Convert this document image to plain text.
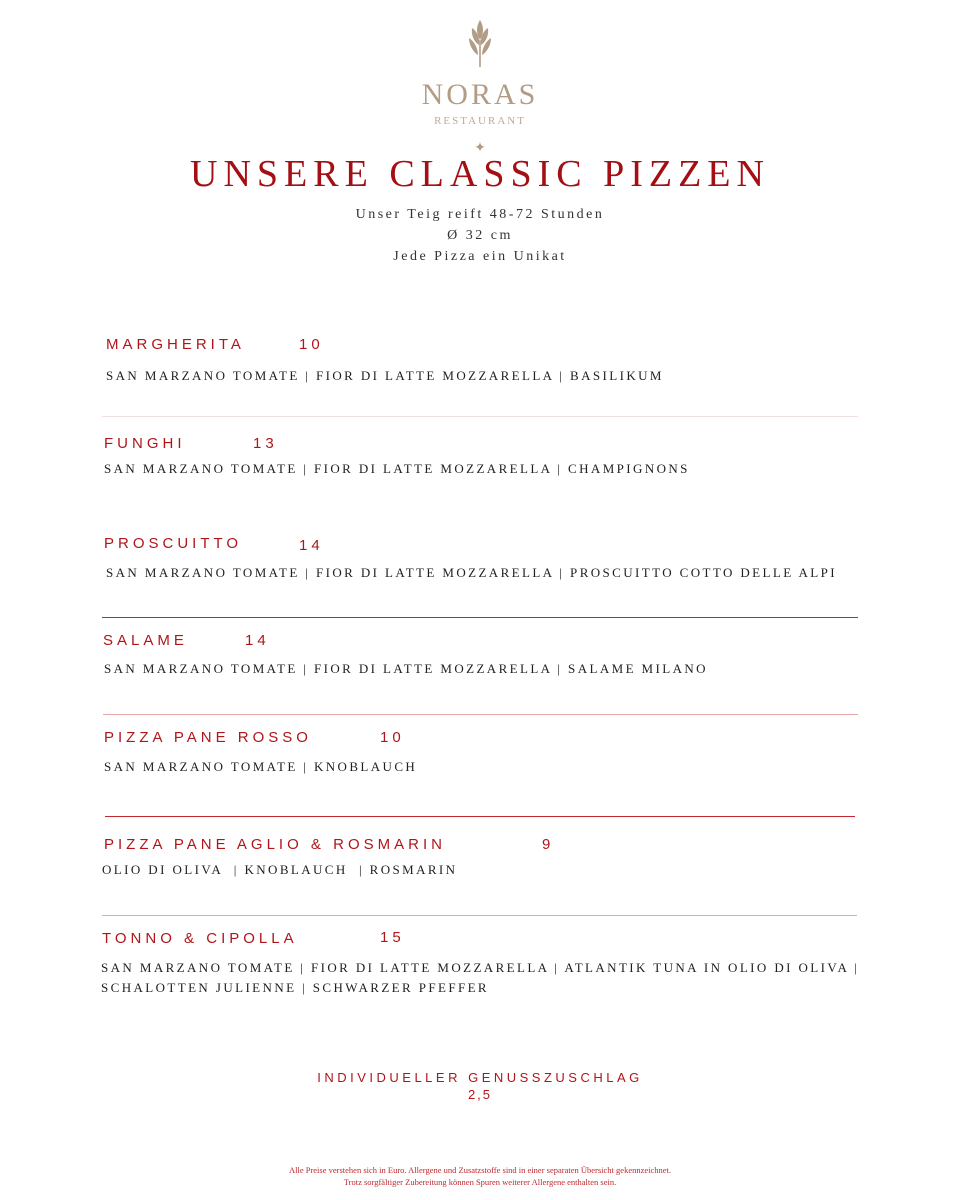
NORAS
RESTAURANT
✦
UNSERE CLASSIC PIZZEN
Unser Teig reift 48-72 Stunden
Ø 32 cm
Jede Pizza ein Unikat
MARGHERITA	10
SAN MARZANO TOMATE | FIOR DI LATTE MOZZARELLA | BASILIKUM
FUNGHI	13
SAN MARZANO TOMATE | FIOR DI LATTE MOZZARELLA | CHAMPIGNONS
PROSCUITTO	14
SAN MARZANO TOMATE | FIOR DI LATTE MOZZARELLA | PROSCUITTO COTTO DELLE ALPI
SALAME	14
SAN MARZANO TOMATE | FIOR DI LATTE MOZZARELLA | SALAME MILANO
PIZZA PANE ROSSO	10
SAN MARZANO TOMATE | KNOBLAUCH
PIZZA PANE AGLIO & ROSMARIN	9
OLIO DI OLIVA  | KNOBLAUCH  | ROSMARIN
TONNO & CIPOLLA	15
SAN MARZANO TOMATE | FIOR DI LATTE MOZZARELLA | ATLANTIK TUNA IN OLIO DI OLIVA | SCHALOTTEN JULIENNE | SCHWARZER PFEFFER
INDIVIDUELLER GENUSSZUSCHLAG
2,5
Alle Preise verstehen sich in Euro. Allergene und Zusatzstoffe sind in einer separaten Übersicht gekennzeichnet.
Trotz sorgfältiger Zubereitung können Spuren weiterer Allergene enthalten sein.
